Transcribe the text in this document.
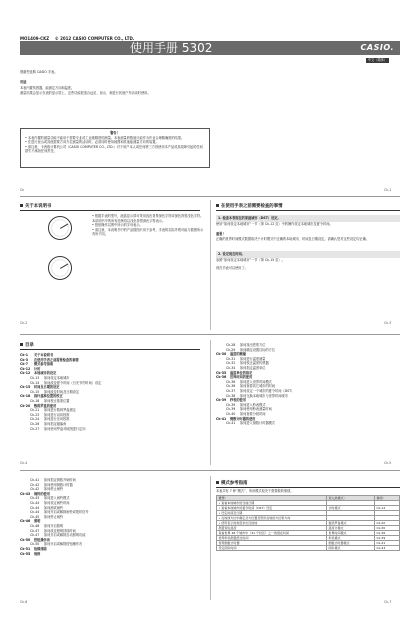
MO1409-CKZ © 2012 CASIO COMPUTER CO., LTD.
使用手册 5302	CASIO.
中文（简体）
感谢您选购 CASIO 手表。
用途
本表内置传感器，能测定方向和温度。
测量结果会显示在表的显示屏上，这些功能很适合远足、登山、和进行其他户外活动时使用。
警告！
• 本表内置的测量功能不能用于需要专业或工业级精度的测量。本表测量的数值只能作为作业合理精确度的结果。
• 在进行登山或其他需要方向方位测量的活动时，必须同时使用地图和其他能测量方向的装置。
• 请注意，卡西欧计算机公司（CASIO COMPUTER CO., LTD.）对于用户本人或任何第三方因使用本产品或其故障引起的任何损失不承担任何责任。
Ck	Ck-1
关于本说明书
• 根据手表的型号，液晶显示屏可采用浅色背景深色字符或深色背景浅色字符。本说明书中的所有范例均以浅色背景深色字符表示。
• 按钮操作以图中所示的字母表示。
• 请注意，本说明书中的产品插图只用于参考，手表的实际外观可能与插图所示有所不同。
在使用手表之前需要检查的事情
1. 检查本表现在的家庭城市（DST）设定。
使用“如何设定本地城市”一节（第 Ck-12 页）中的操作设定本地城市及夏令时间。
重要！
正确的世界时间模式数据取决于计时模式中正确的本地城市、时间及日期设定。请确认您对这些设定均正确。
2. 设定现在时间。
参照“如何设定本地城市”一节（第 Ck-15 页）。
现在手表可以使用了。
Ck-2	Ck-3
目录
Ck-1	关于本说明书
Ck-3	在使用手表之前需要检查的事情
Ck-7	模式参考指南
Ck-12	计时
Ck-12	本地城市的设定
Ck-13	如何设定本地城市
Ck-14	如何改变夏令时间（日光节约时间）设定
Ck-15	时间及日期的设定
Ck-15	如何改变时间及日期设定
Ck-18	指针基准位置的校正
Ck-18	如何校正基准位置
Ck-20	数码罗盘的使用
Ck-21	如何进行数码罗盘测定
Ck-23	如何进行双向校准
Ck-24	如何进行北向校准
Ck-26	如何指定磁偏角
Ck-27	如何使用罗盘对地图进行定向
Ck-28	如何找出您的方位
Ck-29	如何确定设置目标的方位
Ck-30	温度的测量
Ck-31	如何进行温度测量
Ck-32	如何校正温度传感器
Ck-34	如何指定温度单位
Ck-35	温度单位的指定
Ck-36	世界时间的使用
Ck-36	如何进入世界时间模式
Ck-36	如何查看其它城市的时间
Ck-37	如何设定一个城市的夏令时间（DST）
Ck-38	如何交换本地城市与世界时间城市
Ck-39	秒表的使用
Ck-39	如何进入秒表模式
Ck-39	如何使用秒表测量时间
Ck-40	如何查看分段时间
Ck-41	倒数计时器的使用
Ck-41	如何进入倒数计时器模式
Ck-4	Ck-5
Ck-41	如何指定倒数开始时间
Ck-42	如何使用倒数计时器
Ck-42	如何停止闹铃
Ck-43	闹铃的使用
Ck-43	如何进入闹铃模式
Ck-44	如何设定闹铃时间
Ck-44	如何测试闹铃
Ck-44	如何开启或解除闹铃或报时信号
Ck-45	如何停止闹铃
Ck-46	照明
Ck-46	如何开启照明
Ck-47	如何改变照明持续时间
Ck-47	如何开启或解除自动照明功能
Ck-50	按钮操作音
Ck-50	如何开启或解除按钮操作音
Ck-51	故障排除
Ck-55	规格
模式参考指南
本表共有 7 种“模式”，所用模式取决于需要做的事情。
要想：	进入此模式：	参阅：
• 查看本地城市的当前日期		
• 查看本地城市的夏令时间（DST）设定	计时模式	Ck-12
• 设定时间及日期		
• 在地球方位中确定北方位置及您所在地的方位和方向		
• 使用表示的角度求出目的地	数码罗盘模式	Ck-20
测量现在温度	温度计模式	Ck-30
查看世界 48 个城市中（31 个时区）之一的现在时间	世界时间模式	Ck-36
使用秒表测量经过时间	秒表模式	Ck-39
使用倒数计时器	倒数计时器模式	Ck-41
设定闹铃时间	闹铃模式	Ck-43
Ck-6	Ck-7
